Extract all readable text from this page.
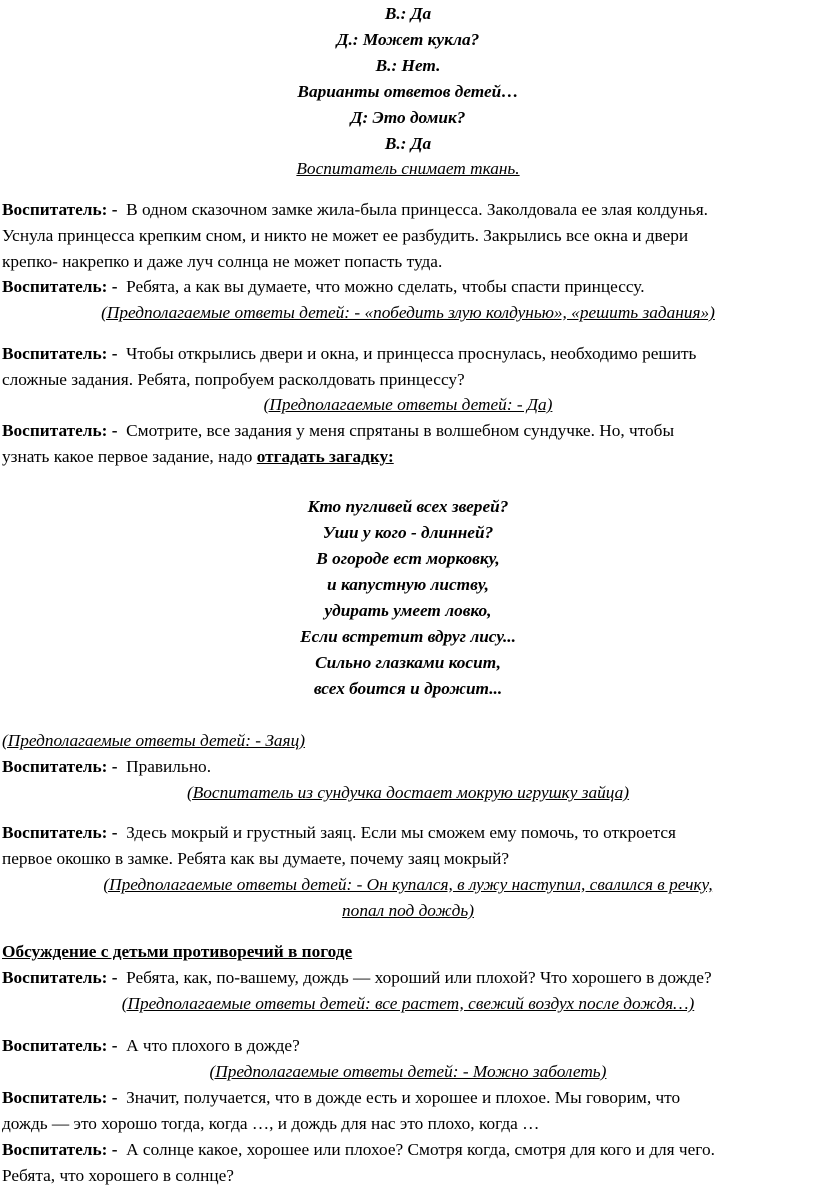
В.: Да
Д.: Может кукла?
В.: Нет.
Варианты ответов детей…
Д: Это домик?
В.: Да
Воспитатель снимает ткань.
Воспитатель: - В одном сказочном замке жила-была принцесса. Заколдовала ее злая колдунья.
Уснула принцесса крепким сном, и никто не может ее разбудить. Закрылись все окна и двери
крепко- накрепко и даже луч солнца не может попасть туда.
Воспитатель: - Ребята, а как вы думаете, что можно сделать, чтобы спасти принцессу.
(Предполагаемые ответы детей: - «победить злую колдунью», «решить задания»)
Воспитатель: - Чтобы открылись двери и окна, и принцесса проснулась, необходимо решить
сложные задания. Ребята, попробуем расколдовать принцессу?
(Предполагаемые ответы детей: - Да)
Воспитатель: - Смотрите, все задания у меня спрятаны в волшебном сундучке. Но, чтобы
узнать какое первое задание, надо отгадать загадку:
Кто пугливей всех зверей?
Уши у кого - длинней?
В огороде ест морковку,
и капустную листву,
удирать умеет ловко,
Если встретит вдруг лису...
Сильно глазками косит,
всех боится и дрожит...
(Предполагаемые ответы детей: - Заяц)
Воспитатель: - Правильно.
(Воспитатель из сундучка достает мокрую игрушку зайца)
Воспитатель: - Здесь мокрый и грустный заяц. Если мы сможем ему помочь, то откроется
первое окошко в замке. Ребята как вы думаете, почему заяц мокрый?
(Предполагаемые ответы детей: - Он купался, в лужу наступил, свалился в речку,
попал под дождь)
Обсуждение с детьми противоречий в погоде
Воспитатель: - Ребята, как, по-вашему, дождь — хороший или плохой? Что хорошего в дожде?
(Предполагаемые ответы детей: все растет, свежий воздух после дождя…)
Воспитатель: - А что плохого в дожде?
(Предполагаемые ответы детей: - Можно заболеть)
Воспитатель: - Значит, получается, что в дожде есть и хорошее и плохое. Мы говорим, что
дождь — это хорошо тогда, когда …, и дождь для нас это плохо, когда …
Воспитатель: - А солнце какое, хорошее или плохое? Смотря когда, смотря для кого и для чего.
Ребята, что хорошего в солнце?
